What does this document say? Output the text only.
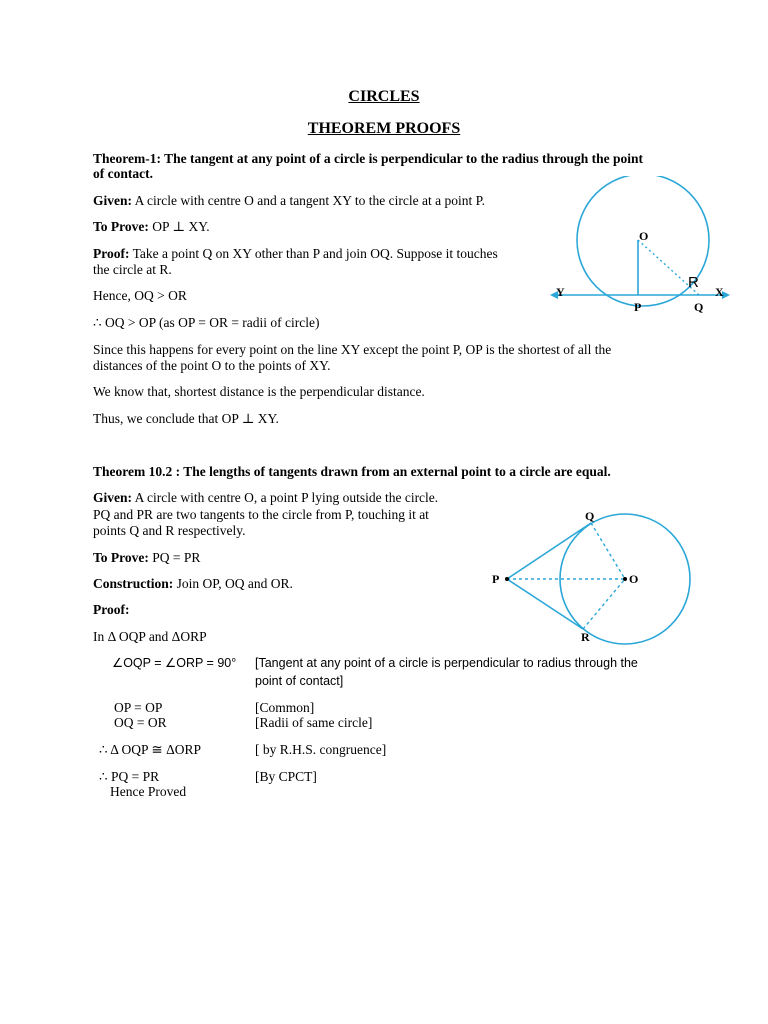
CIRCLES
THEOREM PROOFS
Theorem-1: The tangent at any point of a circle is perpendicular to the radius through the point
of contact.
Given: A circle with centre O and a tangent XY to the circle at a point P.
To Prove: OP ⊥ XY.
Proof: Take a point Q on XY other than P and join OQ. Suppose it touches
the circle at R.
Hence, OQ > OR
∴ OQ > OP (as OP = OR = radii of circle)
Since this happens for every point on the line XY except the point P, OP is the shortest of all the
distances of the point O to the points of XY.
We know that, shortest distance is the perpendicular distance.
Thus, we conclude that OP ⊥ XY.
O
R
Y	X
P	Q
Theorem 10.2 : The lengths of tangents drawn from an external point to a circle are equal.
Given: A circle with centre O, a point P lying outside the circle.
PQ and PR are two tangents to the circle from P, touching it at
points Q and R respectively.
To Prove: PQ = PR
Construction: Join OP, OQ and OR.
Proof:
In Δ OQP and ΔORP
∠OQP = ∠ORP = 90° [Tangent at any point of a circle is perpendicular to radius through the
point of contact]
OP = OP	[Common]
OQ = OR	[Radii of same circle]
∴ Δ OQP ≅ ΔORP	[ by R.H.S. congruence]
∴ PQ = PR	[By CPCT]
Hence Proved
Q
P	O
R
